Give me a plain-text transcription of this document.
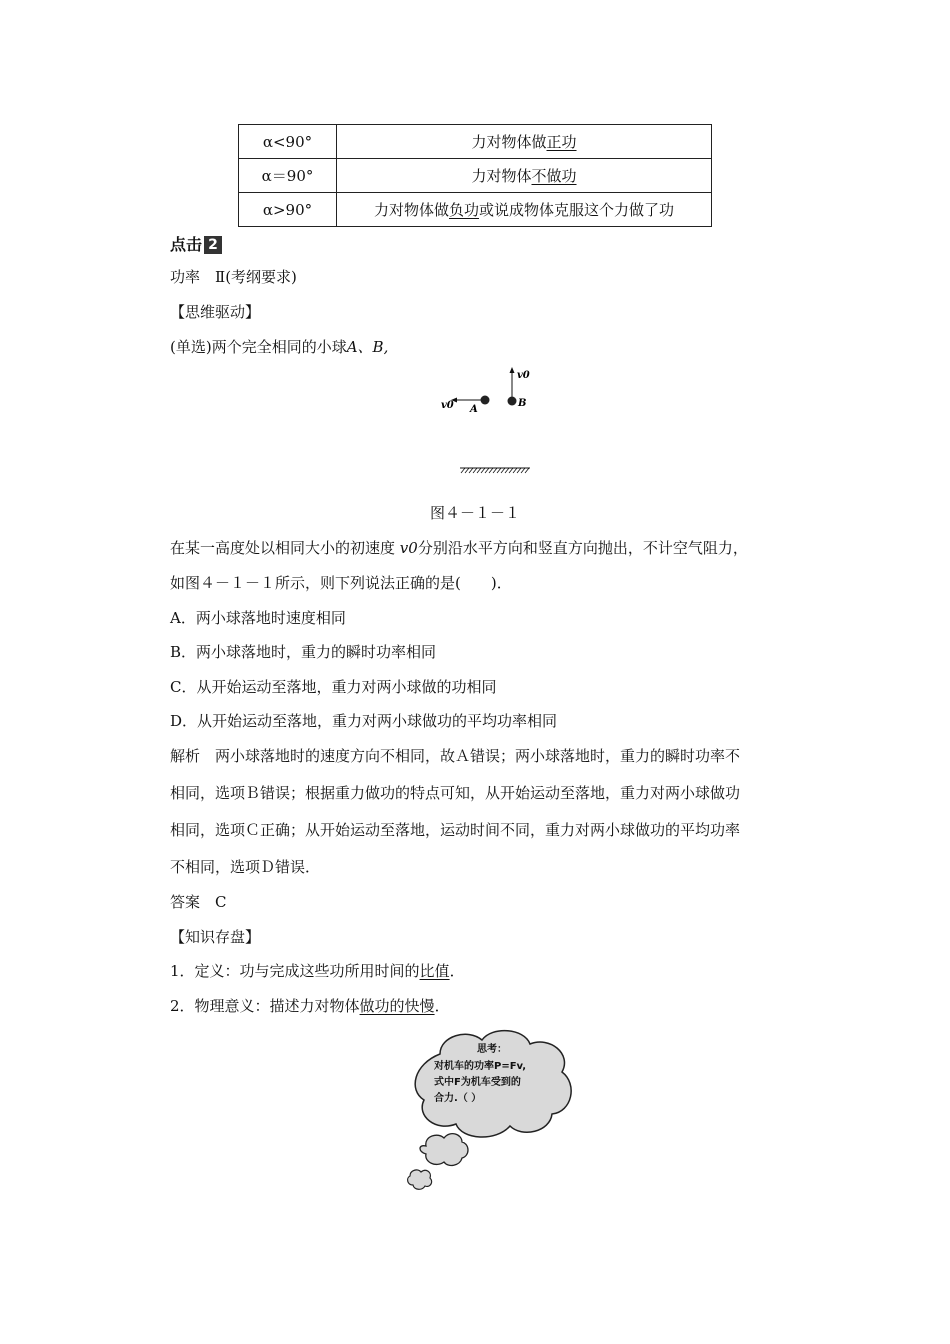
α<90°	力对物体做正功
α＝90°	力对物体不做功
α>90°	力对物体做负功或说成物体克服这个力做了功
点击 2
功率　Ⅱ(考纲要求)
【思维驱动】
(单选)两个完全相同的小球A、B,
v0 A
v0
B
图４－１－１
在某一高度处以相同大小的初速度 v0分别沿水平方向和竖直方向抛出，不计空气阻力，
如图４－１－１所示，则下列说法正确的是(　　)．
A．两小球落地时速度相同
B．两小球落地时，重力的瞬时功率相同
C．从开始运动至落地，重力对两小球做的功相同
D．从开始运动至落地，重力对两小球做功的平均功率相同
解析　两小球落地时的速度方向不相同，故Ａ错误；两小球落地时，重力的瞬时功率不
相同，选项Ｂ错误；根据重力做功的特点可知，从开始运动至落地，重力对两小球做功
相同，选项Ｃ正确；从开始运动至落地，运动时间不同，重力对两小球做功的平均功率
不相同，选项Ｄ错误．
答案　C
【知识存盘】
1．定义：功与完成这些功所用时间的比值．
2．物理意义：描述力对物体做功的快慢．
思考：
对机车的功率P=Fv,
式中F为机车受到的
合力.（ ）
